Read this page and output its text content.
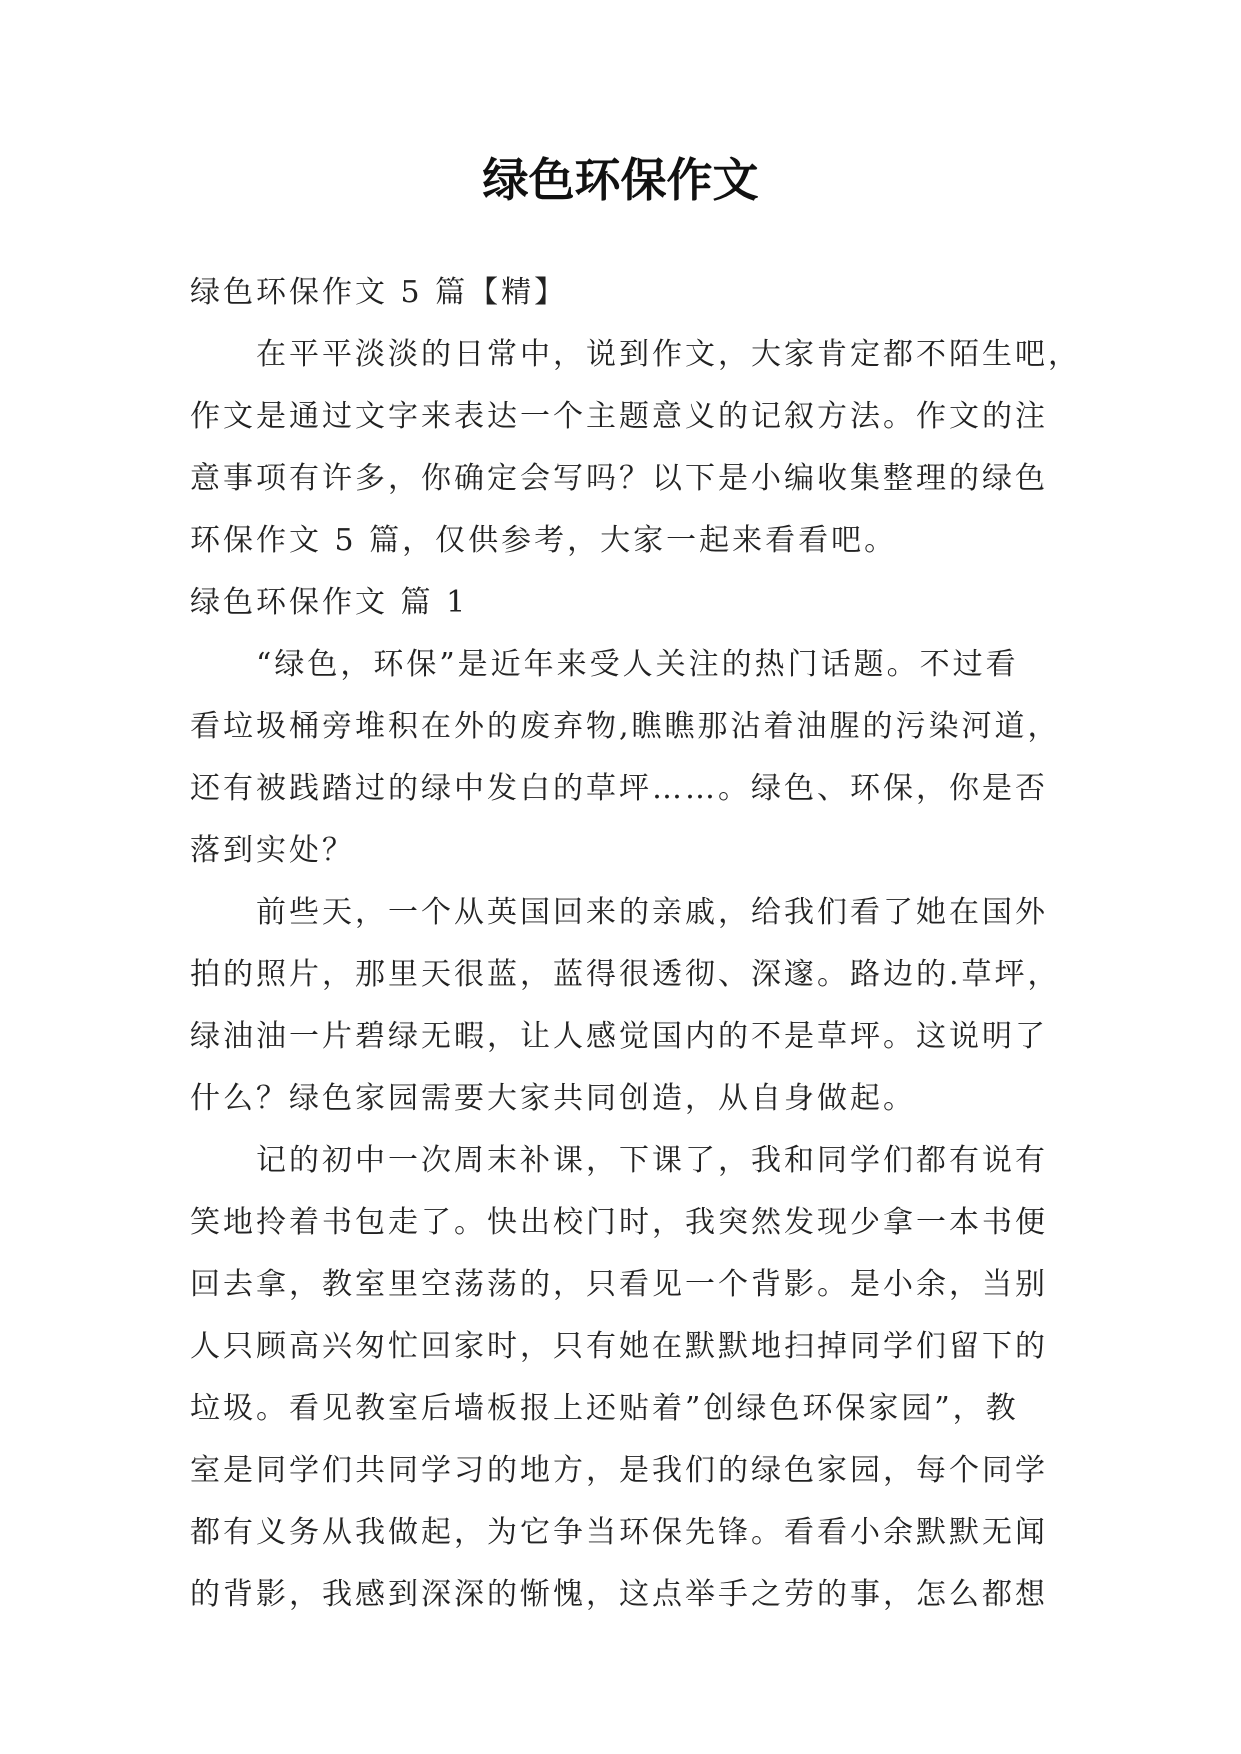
绿色环保作文

绿色环保作文 5 篇【精】

在平平淡淡的日常中，说到作文，大家肯定都不陌生吧，

作文是通过文字来表达一个主题意义的记叙方法。作文的注

意事项有许多，你确定会写吗？以下是小编收集整理的绿色

环保作文 5 篇，仅供参考，大家一起来看看吧。

绿色环保作文 篇 1

“绿色，环保”是近年来受人关注的热门话题。不过看

看垃圾桶旁堆积在外的废弃物,瞧瞧那沾着油腥的污染河道，

还有被践踏过的绿中发白的草坪……。绿色、环保，你是否

落到实处？

前些天，一个从英国回来的亲戚，给我们看了她在国外

拍的照片，那里天很蓝，蓝得很透彻、深邃。路边的.草坪，

绿油油一片碧绿无暇，让人感觉国内的不是草坪。这说明了

什么？绿色家园需要大家共同创造，从自身做起。

记的初中一次周末补课，下课了，我和同学们都有说有

笑地拎着书包走了。快出校门时，我突然发现少拿一本书便

回去拿，教室里空荡荡的，只看见一个背影。是小余，当别

人只顾高兴匆忙回家时，只有她在默默地扫掉同学们留下的

垃圾。看见教室后墙板报上还贴着”创绿色环保家园”，教

室是同学们共同学习的地方，是我们的绿色家园，每个同学

都有义务从我做起，为它争当环保先锋。看看小余默默无闻

的背影，我感到深深的惭愧，这点举手之劳的事，怎么都想
